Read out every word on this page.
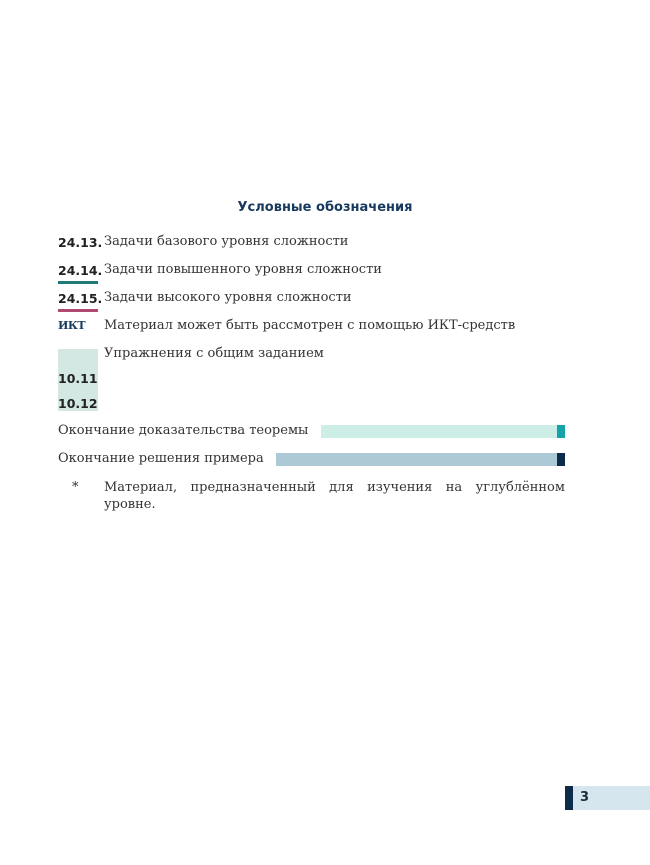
Условные обозначения
24.13. Задачи базового уровня сложности
24.14. Задачи повышенного уровня сложности
24.15. Задачи высокого уровня сложности
ИКТ Материал может быть рассмотрен с помощью ИКТ-средств
10.11
10.12
Упражнения с общим заданием
Окончание доказательства теоремы
Окончание решения примера
* Материал, предназначенный для изучения на углублённом
уровне.
3
